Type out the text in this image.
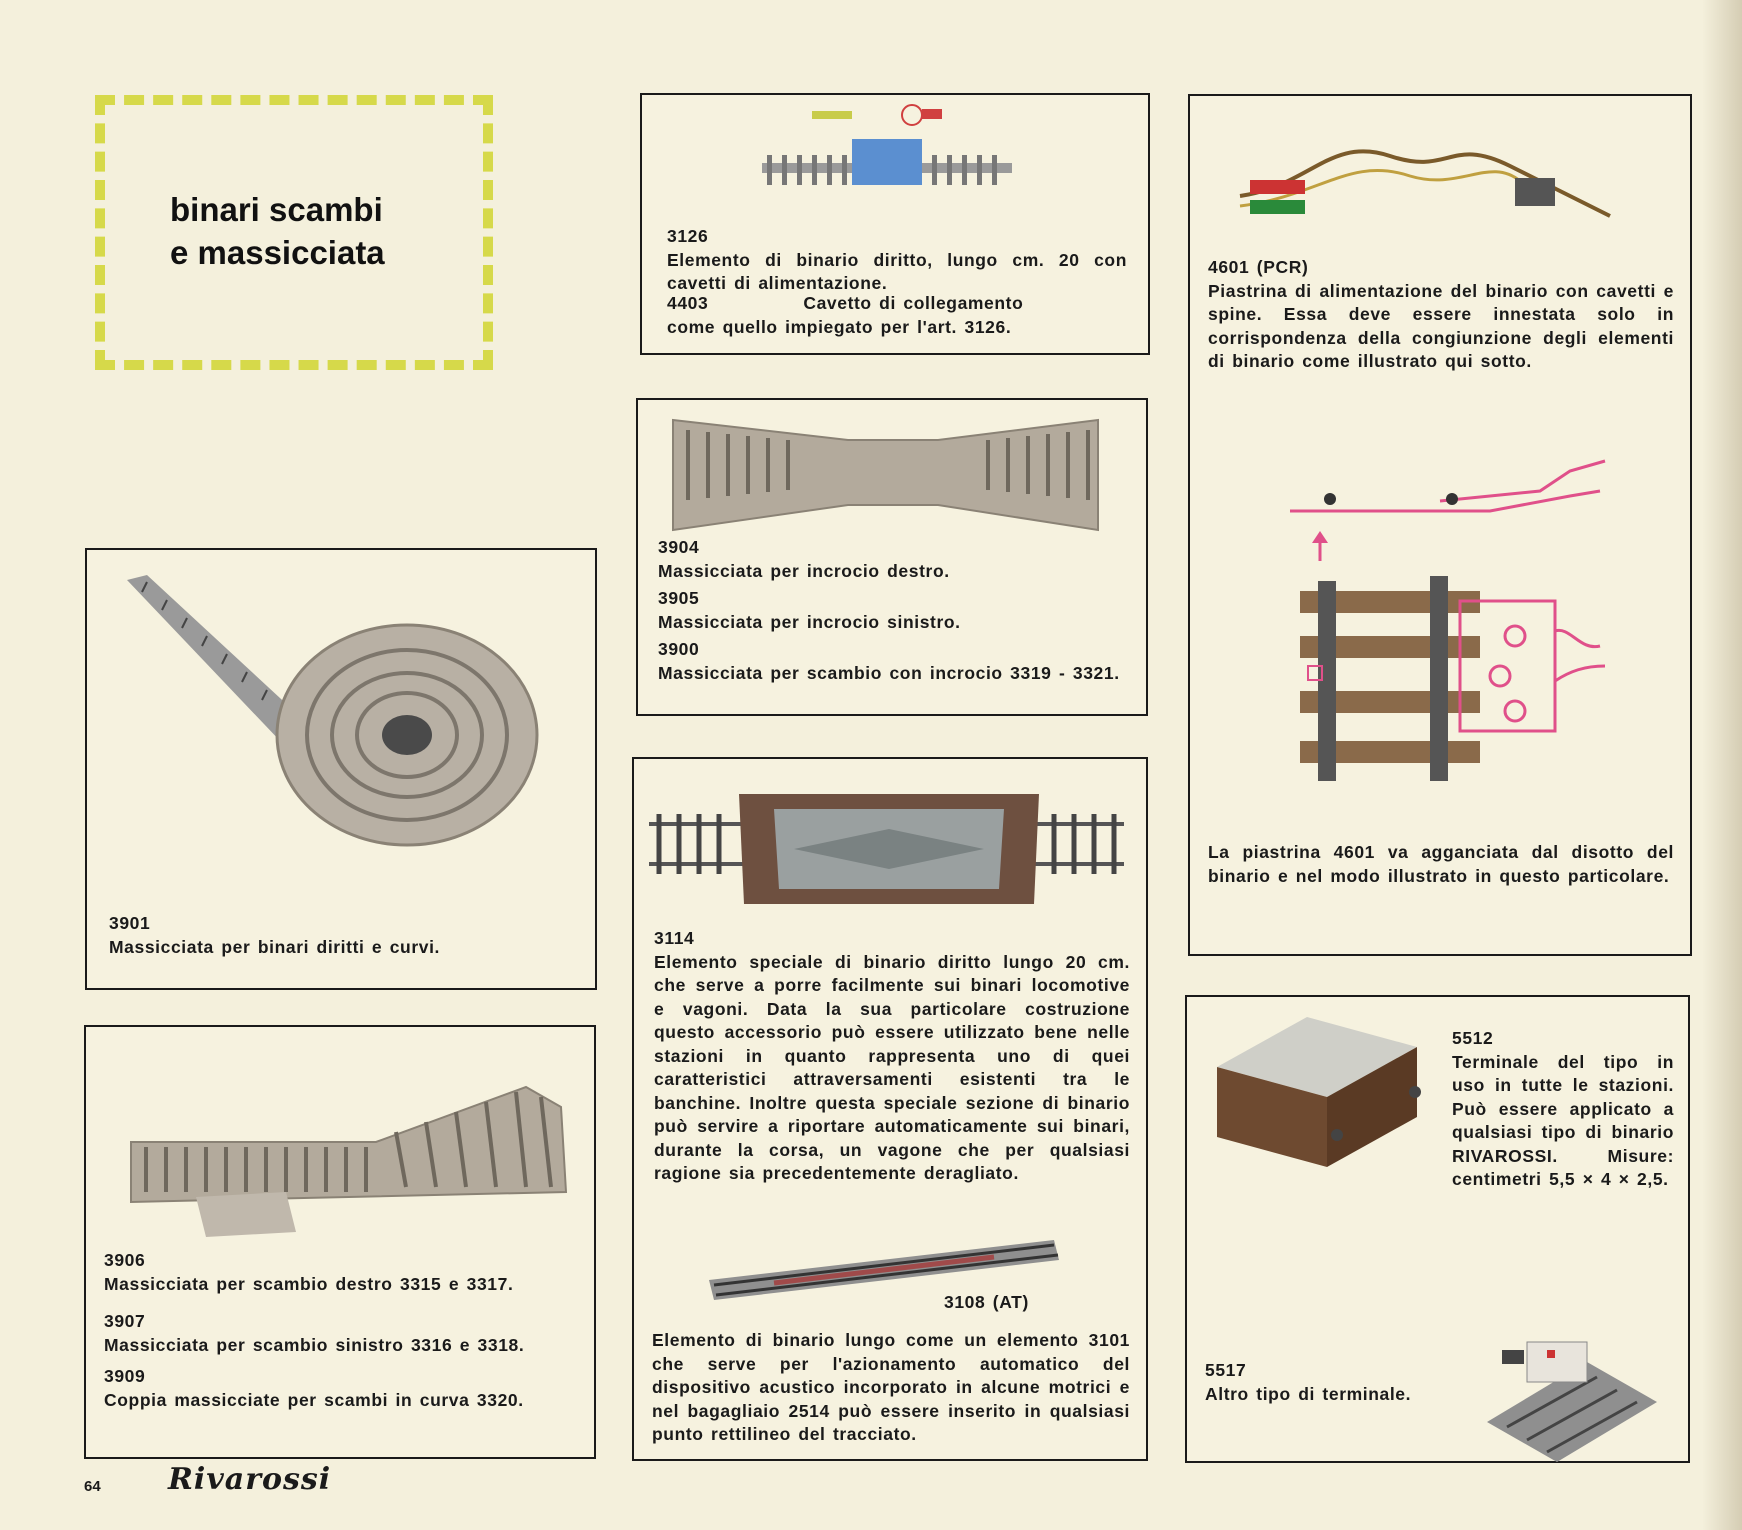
binari scambi
e massicciata	3126
Elemento di binario diritto, lungo cm. 20 con cavetti di alimentazione.
4403	Cavetto di collegamento
come quello impiegato per l'art. 3126.
4601 (PCR)
Piastrina di alimentazione del binario con cavetti e spine. Essa deve essere innestata solo in corrispondenza della congiunzione degli elementi di binario come illustrato qui sotto.
La piastrina 4601 va agganciata dal disotto del binario e nel modo illustrato in questo particolare.
3904
Massicciata per incrocio destro.
3905
Massicciata per incrocio sinistro.
3900
Massicciata per scambio con incrocio 3319 - 3321.
3901
Massicciata per binari diritti e curvi.	3114
Elemento speciale di binario diritto lungo 20 cm. che serve a porre facilmente sui binari locomotive e vagoni. Data la sua particolare costruzione questo accessorio può essere utilizzato bene nelle stazioni in quanto rappresenta uno di quei caratteristici attraversamenti esistenti tra le banchine. Inoltre questa speciale sezione di binario può servire a riportare automaticamente sui binari, durante la corsa, un vagone che per qualsiasi ragione sia precedentemente deragliato.
3108 (AT)
Elemento di binario lungo come un elemento 3101 che serve per l'azionamento automatico del dispositivo acustico incorporato in alcune motrici e nel bagagliaio 2514 può essere inserito in qualsiasi punto rettilineo del tracciato.
3906
Massicciata per scambio destro 3315 e 3317.
3907
Massicciata per scambio sinistro 3316 e 3318.
3909
Coppia massicciate per scambi in curva 3320.
5512
Terminale del tipo in uso in tutte le stazioni. Può essere applicato a qualsiasi tipo di binario RIVAROSSI. Misure: centimetri 5,5 × 4 × 2,5.
5517
Altro tipo di terminale.
64 Rivarossi
